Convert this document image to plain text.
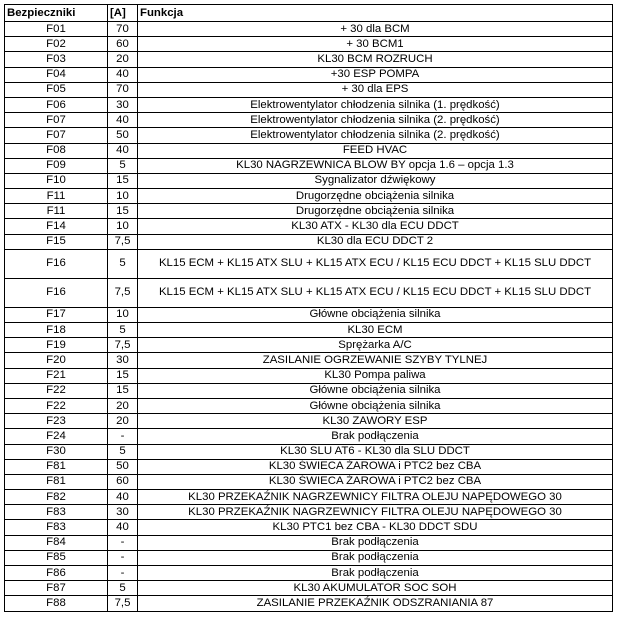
Bezpieczniki	[A]	Funkcja
F01	70	+ 30 dla BCM
F02	60	+ 30 BCM1
F03	20	KL30 BCM ROZRUCH
F04	40	+30 ESP POMPA
F05	70	+ 30 dla EPS
F06	30	Elektrowentylator chłodzenia silnika (1. prędkość)
F07	40	Elektrowentylator chłodzenia silnika (2. prędkość)
F07	50	Elektrowentylator chłodzenia silnika (2. prędkość)
F08	40	FEED HVAC
F09	5	KL30 NAGRZEWNICA BLOW BY opcja 1.6 – opcja 1.3
F10	15	Sygnalizator dźwiękowy
F11	10	Drugorzędne obciążenia silnika
F11	15	Drugorzędne obciążenia silnika
F14	10	KL30 ATX - KL30 dla ECU DDCT
F15	7,5	KL30 dla ECU DDCT 2
F16	5	KL15 ECM + KL15 ATX SLU + KL15 ATX ECU / KL15 ECU DDCT + KL15 SLU DDCT
F16	7,5	KL15 ECM + KL15 ATX SLU + KL15 ATX ECU / KL15 ECU DDCT + KL15 SLU DDCT
F17	10	Główne obciążenia silnika
F18	5	KL30 ECM
F19	7,5	Sprężarka A/C
F20	30	ZASILANIE OGRZEWANIE SZYBY TYLNEJ
F21	15	KL30 Pompa paliwa
F22	15	Główne obciążenia silnika
F22	20	Główne obciążenia silnika
F23	20	KL30 ZAWORY ESP
F24	-	Brak podłączenia
F30	5	KL30 SLU AT6 - KL30 dla SLU DDCT
F81	50	KL30 ŚWIECA ŻAROWA i PTC2 bez CBA
F81	60	KL30 ŚWIECA ŻAROWA i PTC2 bez CBA
F82	40	KL30 PRZEKAŹNIK NAGRZEWNICY FILTRA OLEJU NAPĘDOWEGO 30
F83	30	KL30 PRZEKAŹNIK NAGRZEWNICY FILTRA OLEJU NAPĘDOWEGO 30
F83	40	KL30 PTC1 bez CBA - KL30 DDCT SDU
F84	-	Brak podłączenia
F85	-	Brak podłączenia
F86	-	Brak podłączenia
F87	5	KL30 AKUMULATOR SOC SOH
F88	7,5	ZASILANIE PRZEKAŹNIK ODSZRANIANIA 87
